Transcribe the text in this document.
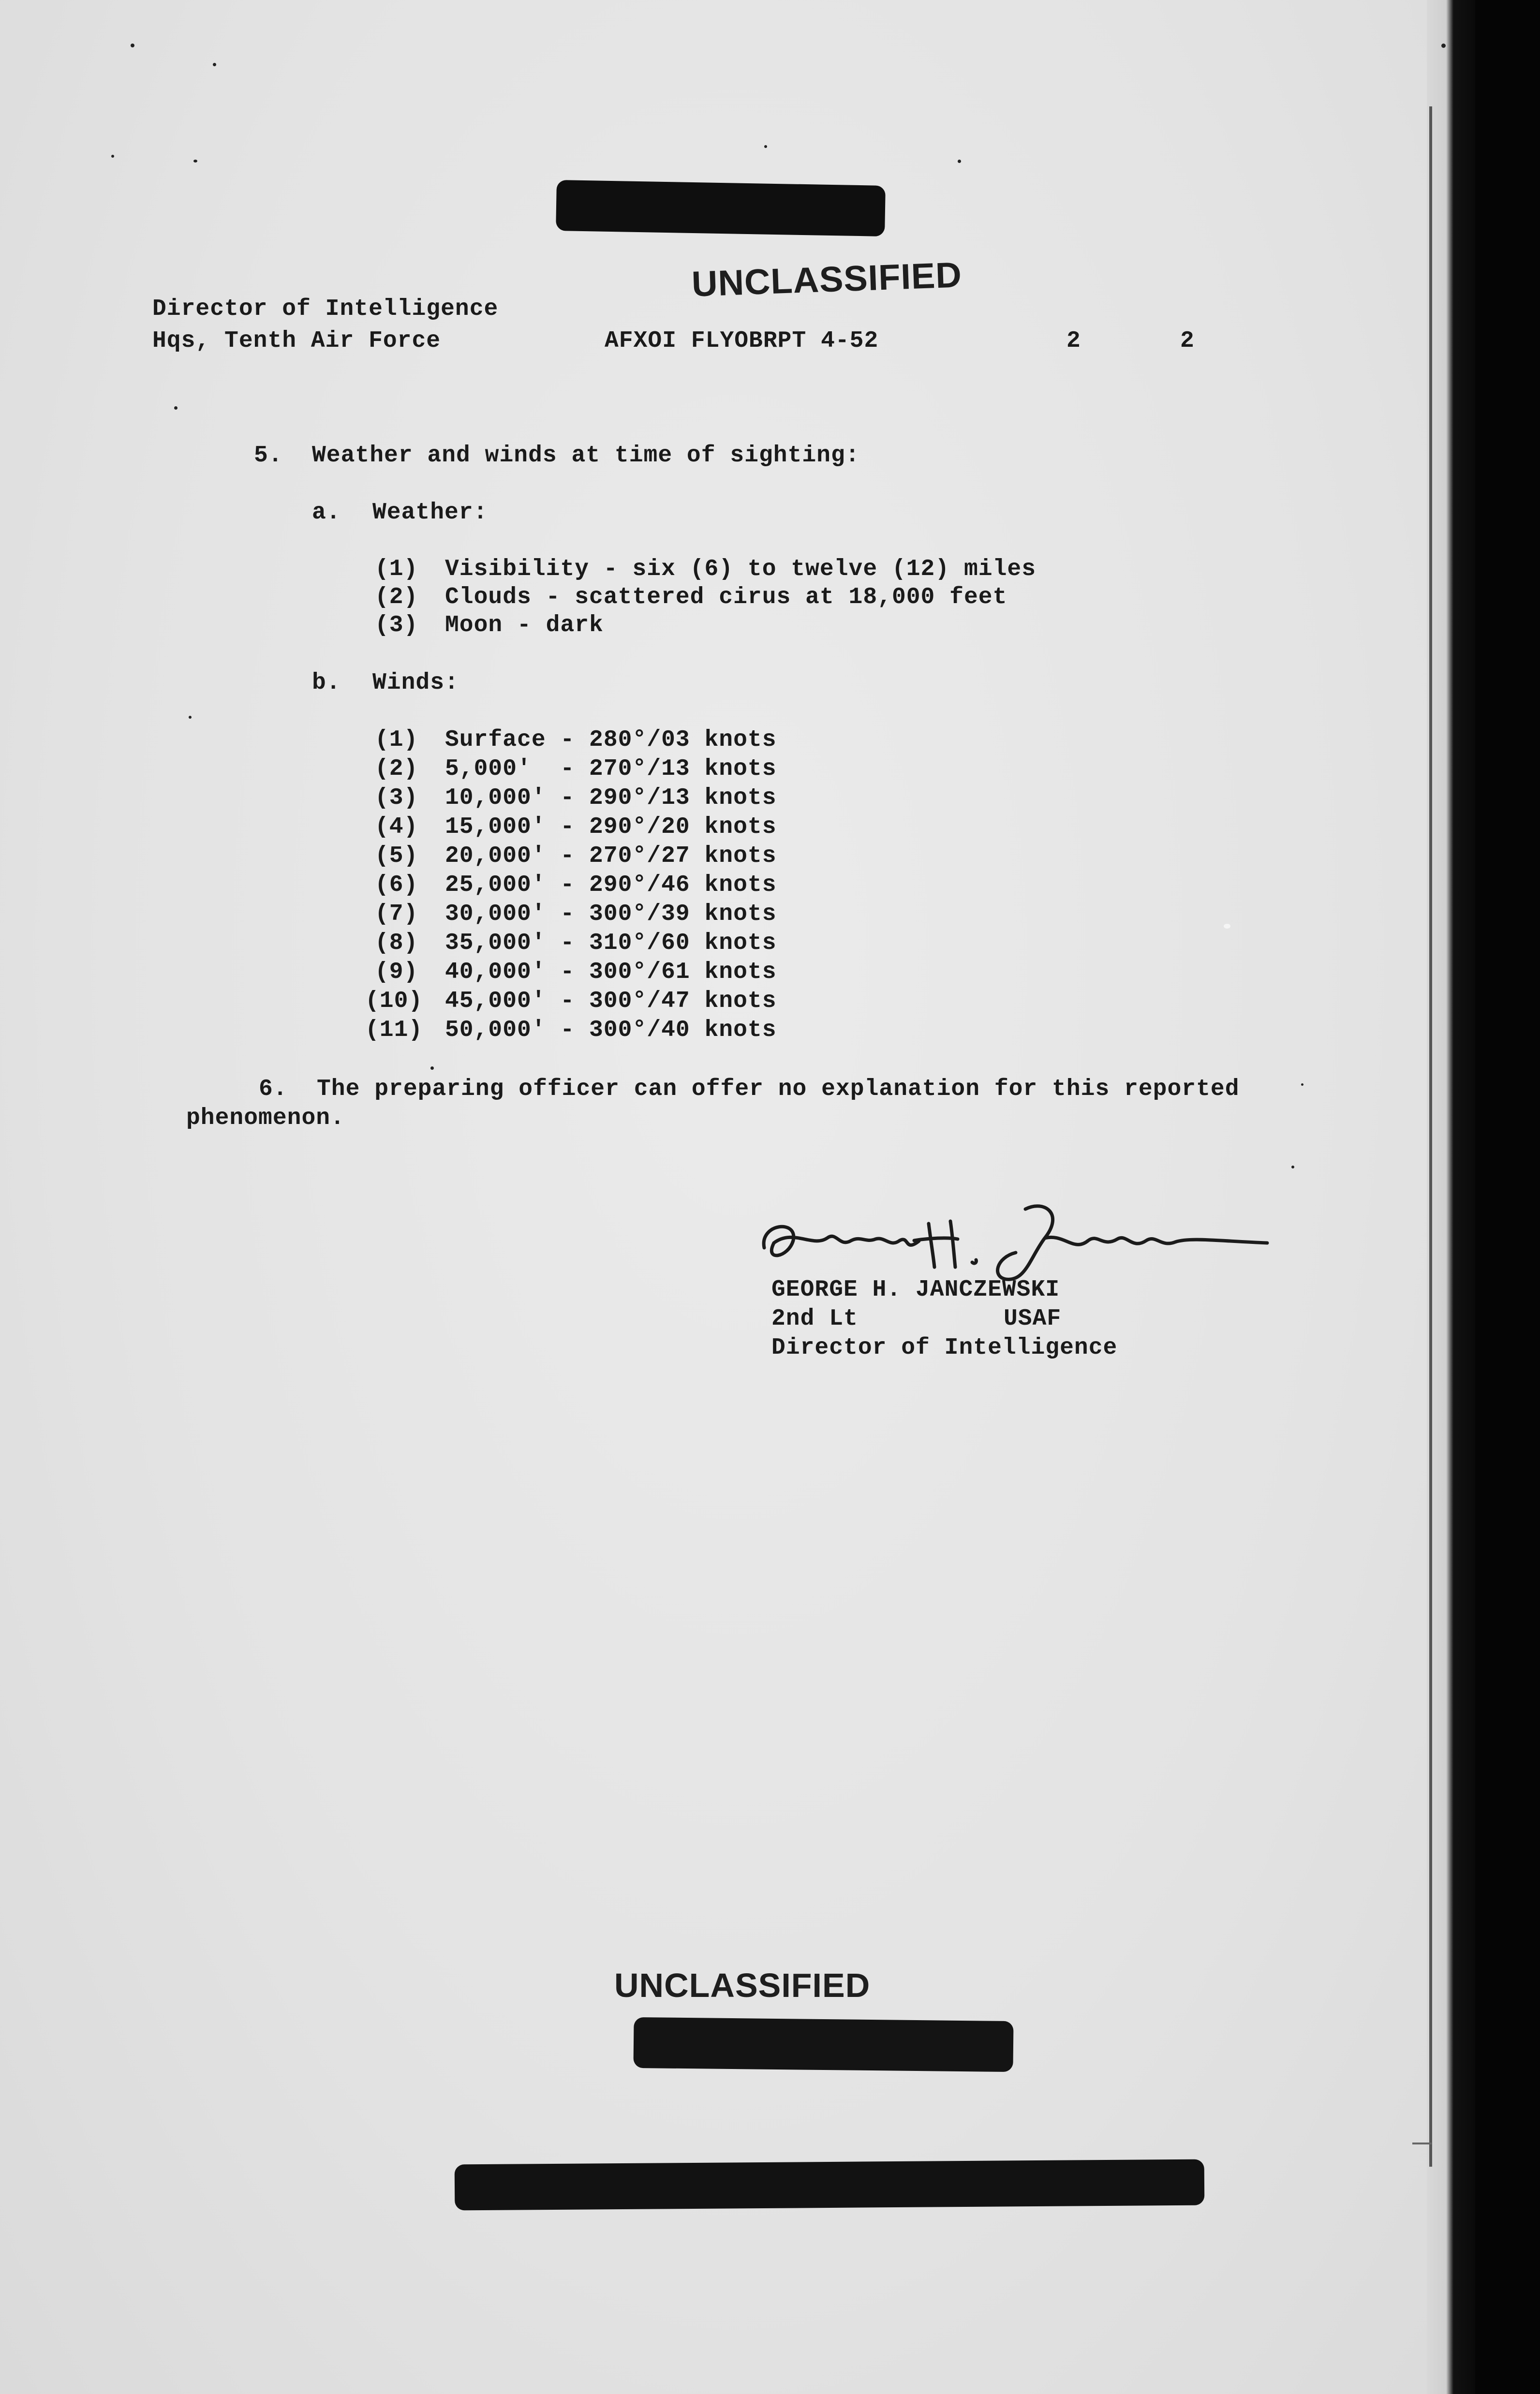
UNCLASSIFIED
Director of Intelligence
Hqs, Tenth Air Force	AFXOI FLYOBRPT 4-52	2	2
5. Weather and winds at time of sighting:
a. Weather:
(1) Visibility - six (6) to twelve (12) miles
(2) Clouds - scattered cirus at 18,000 feet
(3) Moon - dark
b. Winds:
(1) Surface - 280°/03 knots
(2) 5,000'  - 270°/13 knots
(3) 10,000' - 290°/13 knots
(4) 15,000' - 290°/20 knots
(5) 20,000' - 270°/27 knots
(6) 25,000' - 290°/46 knots
(7) 30,000' - 300°/39 knots
(8) 35,000' - 310°/60 knots
(9) 40,000' - 300°/61 knots
(10) 45,000' - 300°/47 knots
(11) 50,000' - 300°/40 knots
6. The preparing officer can offer no explanation for this reported
phenomenon.
GEORGE H. JANCZEWSKI
2nd Lt	USAF
Director of Intelligence
UNCLASSIFIED
